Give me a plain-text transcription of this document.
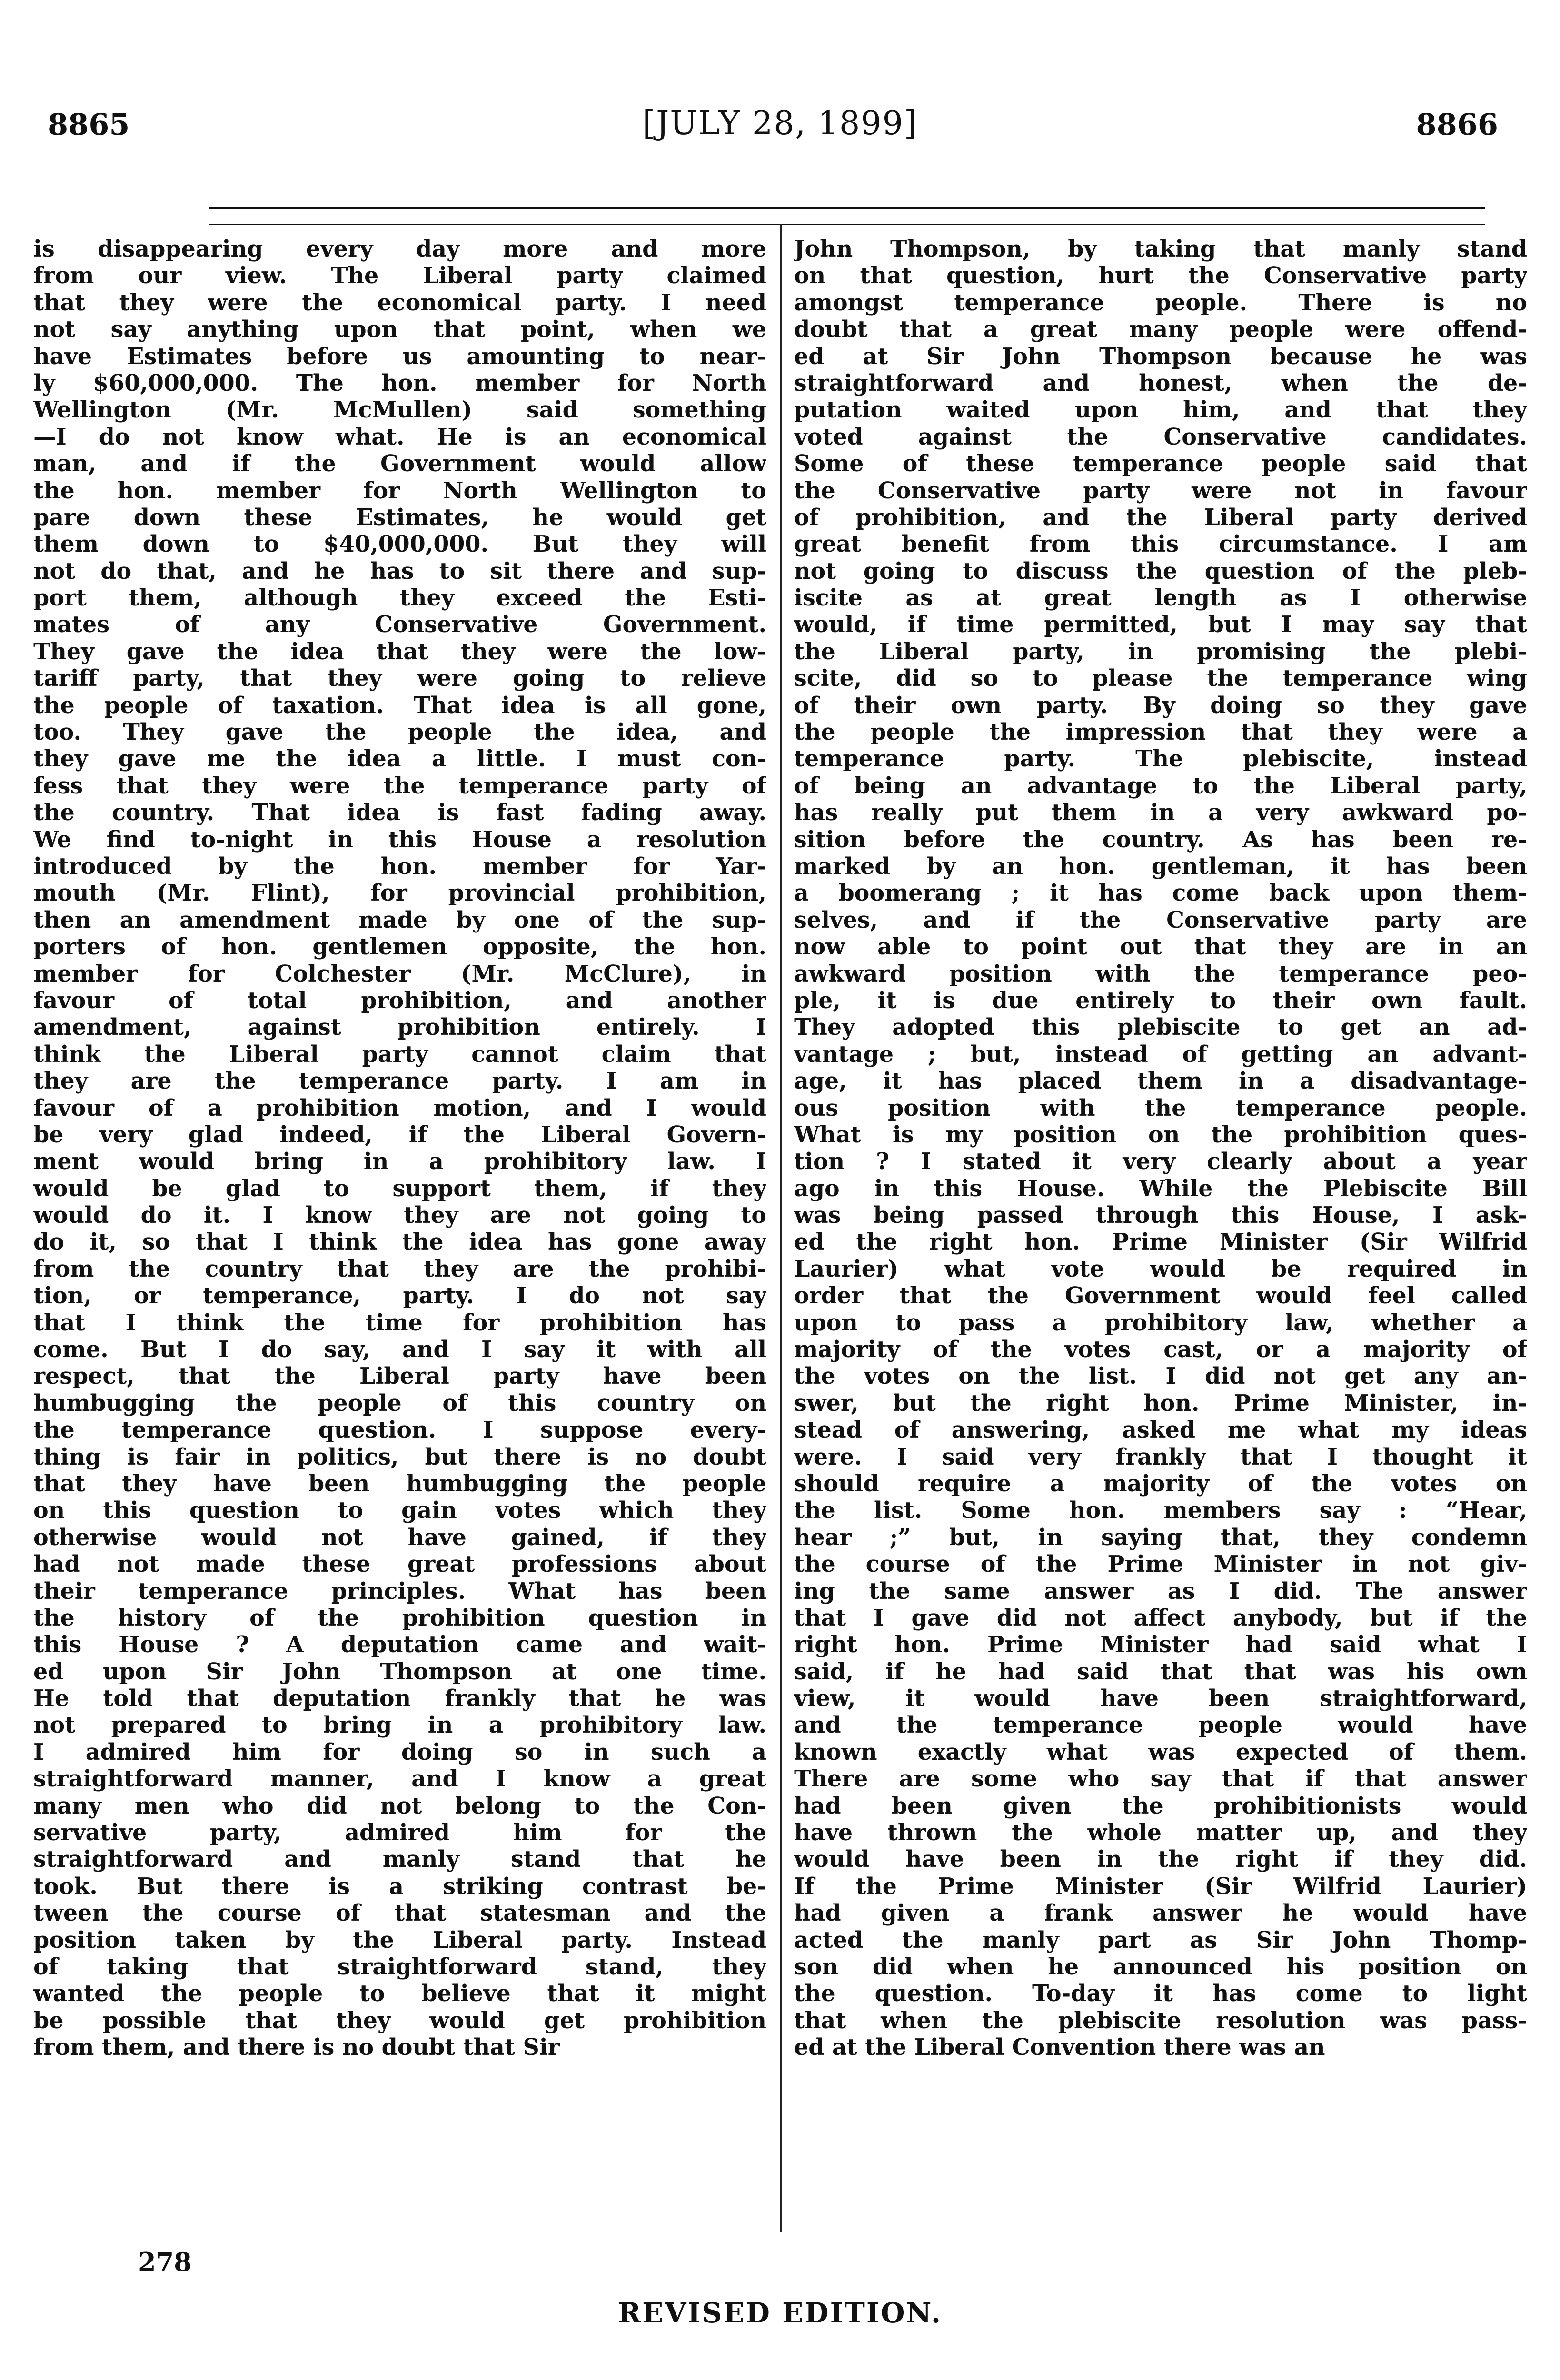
8865	[JULY 28, 1899]	8866
is disappearing every day more and more
from our view. The Liberal party claimed
that they were the economical party. I need
not say anything upon that point, when we
have Estimates before us amounting to near-
ly $60,000,000. The hon. member for North
Wellington (Mr. McMullen) said something
—I do not know what. He is an economical
man, and if the Government would allow
the hon. member for North Wellington to
pare down these Estimates, he would get
them down to $40,000,000. But they will
not do that, and he has to sit there and sup-
port them, although they exceed the Esti-
mates of any Conservative Government.
They gave the idea that they were the low-
tariff party, that they were going to relieve
the people of taxation. That idea is all gone,
too. They gave the people the idea, and
they gave me the idea a little. I must con-
fess that they were the temperance party of
the country. That idea is fast fading away.
We find to-night in this House a resolution
introduced by the hon. member for Yar-
mouth (Mr. Flint), for provincial prohibition,
then an amendment made by one of the sup-
porters of hon. gentlemen opposite, the hon.
member for Colchester (Mr. McClure), in
favour of total prohibition, and another
amendment, against prohibition entirely. I
think the Liberal party cannot claim that
they are the temperance party. I am in
favour of a prohibition motion, and I would
be very glad indeed, if the Liberal Govern-
ment would bring in a prohibitory law. I
would be glad to support them, if they
would do it. I know they are not going to
do it, so that I think the idea has gone away
from the country that they are the prohibi-
tion, or temperance, party. I do not say
that I think the time for prohibition has
come. But I do say, and I say it with all
respect, that the Liberal party have been
humbugging the people of this country on
the temperance question. I suppose every-
thing is fair in politics, but there is no doubt
that they have been humbugging the people
on this question to gain votes which they
otherwise would not have gained, if they
had not made these great professions about
their temperance principles. What has been
the history of the prohibition question in
this House ? A deputation came and wait-
ed upon Sir John Thompson at one time.
He told that deputation frankly that he was
not prepared to bring in a prohibitory law.
I admired him for doing so in such a
straightforward manner, and I know a great
many men who did not belong to the Con-
servative party, admired him for the
straightforward and manly stand that he
took. But there is a striking contrast be-
tween the course of that statesman and the
position taken by the Liberal party. Instead
of taking that straightforward stand, they
wanted the people to believe that it might
be possible that they would get prohibition
from them, and there is no doubt that Sir
John Thompson, by taking that manly stand
on that question, hurt the Conservative party
amongst temperance people. There is no
doubt that a great many people were offend-
ed at Sir John Thompson because he was
straightforward and honest, when the de-
putation waited upon him, and that they
voted against the Conservative candidates.
Some of these temperance people said that
the Conservative party were not in favour
of prohibition, and the Liberal party derived
great benefit from this circumstance. I am
not going to discuss the question of the pleb-
iscite as at great length as I otherwise
would, if time permitted, but I may say that
the Liberal party, in promising the plebi-
scite, did so to please the temperance wing
of their own party. By doing so they gave
the people the impression that they were a
temperance party. The plebiscite, instead
of being an advantage to the Liberal party,
has really put them in a very awkward po-
sition before the country. As has been re-
marked by an hon. gentleman, it has been
a boomerang ; it has come back upon them-
selves, and if the Conservative party are
now able to point out that they are in an
awkward position with the temperance peo-
ple, it is due entirely to their own fault.
They adopted this plebiscite to get an ad-
vantage ; but, instead of getting an advant-
age, it has placed them in a disadvantage-
ous position with the temperance people.
What is my position on the prohibition ques-
tion ? I stated it very clearly about a year
ago in this House. While the Plebiscite Bill
was being passed through this House, I ask-
ed the right hon. Prime Minister (Sir Wilfrid
Laurier) what vote would be required in
order that the Government would feel called
upon to pass a prohibitory law, whether a
majority of the votes cast, or a majority of
the votes on the list. I did not get any an-
swer, but the right hon. Prime Minister, in-
stead of answering, asked me what my ideas
were. I said very frankly that I thought it
should require a majority of the votes on
the list. Some hon. members say : “Hear,
hear ;” but, in saying that, they condemn
the course of the Prime Minister in not giv-
ing the same answer as I did. The answer
that I gave did not affect anybody, but if the
right hon. Prime Minister had said what I
said, if he had said that that was his own
view, it would have been straightforward,
and the temperance people would have
known exactly what was expected of them.
There are some who say that if that answer
had been given the prohibitionists would
have thrown the whole matter up, and they
would have been in the right if they did.
If the Prime Minister (Sir Wilfrid Laurier)
had given a frank answer he would have
acted the manly part as Sir John Thomp-
son did when he announced his position on
the question. To-day it has come to light
that when the plebiscite resolution was pass-
ed at the Liberal Convention there was an
278
REVISED EDITION.
